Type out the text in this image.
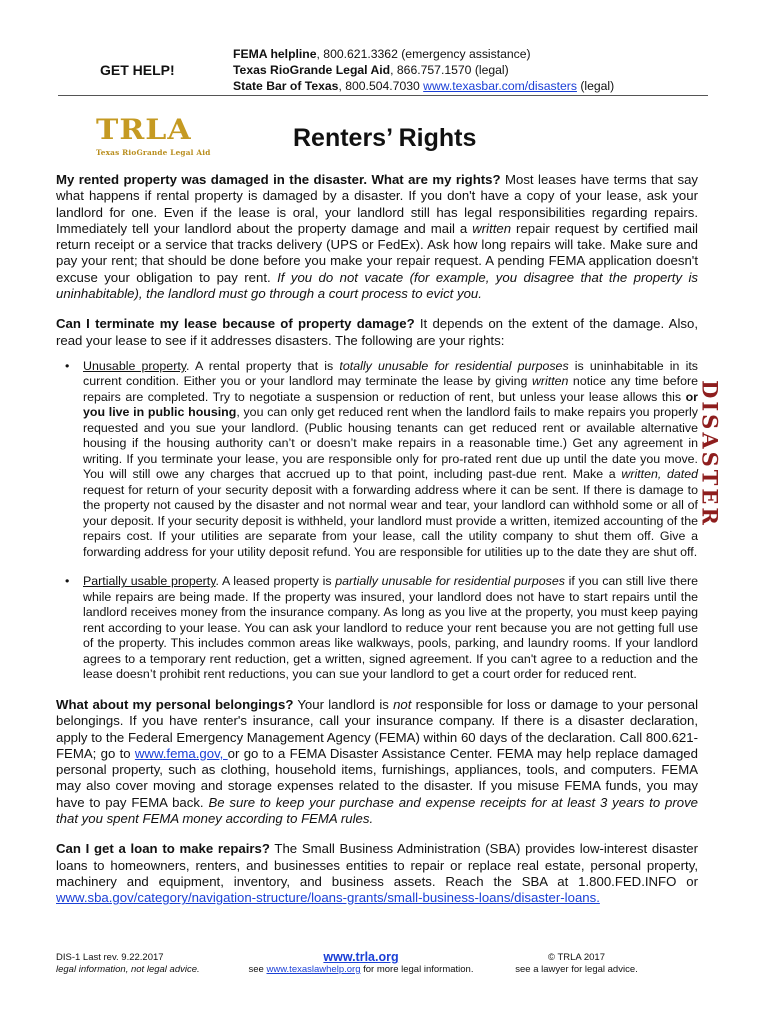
GET HELP!
FEMA helpline, 800.621.3362 (emergency assistance)
Texas RioGrande Legal Aid, 866.757.1570 (legal)
State Bar of Texas, 800.504.7030 www.texasbar.com/disasters (legal)
TRLA
Texas RioGrande Legal Aid
Renters’ Rights
DISASTER

My rented property was damaged in the disaster. What are my rights? Most leases have terms that say what happens if rental property is damaged by a disaster. If you don't have a copy of your lease, ask your landlord for one. Even if the lease is oral, your landlord still has legal responsibilities regarding repairs. Immediately tell your landlord about the property damage and mail a written repair request by certified mail return receipt or a service that tracks delivery (UPS or FedEx). Ask how long repairs will take. Make sure and pay your rent; that should be done before you make your repair request. A pending FEMA application doesn't excuse your obligation to pay rent. If you do not vacate (for example, you disagree that the property is uninhabitable), the landlord must go through a court process to evict you.

Can I terminate my lease because of property damage? It depends on the extent of the damage. Also, read your lease to see if it addresses disasters. The following are your rights:

• Unusable property. A rental property that is totally unusable for residential purposes is uninhabitable in its current condition. Either you or your landlord may terminate the lease by giving written notice any time before repairs are completed. Try to negotiate a suspension or reduction of rent, but unless your lease allows this or you live in public housing, you can only get reduced rent when the landlord fails to make repairs you properly requested and you sue your landlord. (Public housing tenants can get reduced rent or available alternative housing if the housing authority can’t or doesn’t make repairs in a reasonable time.) Get any agreement in writing. If you terminate your lease, you are responsible only for pro-rated rent due up until the date you move. You will still owe any charges that accrued up to that point, including past-due rent. Make a written, dated request for return of your security deposit with a forwarding address where it can be sent. If there is damage to the property not caused by the disaster and not normal wear and tear, your landlord can withhold some or all of your deposit. If your security deposit is withheld, your landlord must provide a written, itemized accounting of the repairs cost. If your utilities are separate from your lease, call the utility company to shut them off. Give a forwarding address for your utility deposit refund. You are responsible for utilities up to the date they are shut off.
• Partially usable property. A leased property is partially unusable for residential purposes if you can still live there while repairs are being made. If the property was insured, your landlord does not have to start repairs until the landlord receives money from the insurance company. As long as you live at the property, you must keep paying rent according to your lease. You can ask your landlord to reduce your rent because you are not getting full use of the property. This includes common areas like walkways, pools, parking, and laundry rooms. If your landlord agrees to a temporary rent reduction, get a written, signed agreement. If you can't agree to a reduction and the lease doesn’t prohibit rent reductions, you can sue your landlord to get a court order for reduced rent.

What about my personal belongings? Your landlord is not responsible for loss or damage to your personal belongings. If you have renter's insurance, call your insurance company. If there is a disaster declaration, apply to the Federal Emergency Management Agency (FEMA) within 60 days of the declaration. Call 800.621-FEMA; go to www.fema.gov, or go to a FEMA Disaster Assistance Center. FEMA may help replace damaged personal property, such as clothing, household items, furnishings, appliances, tools, and computers. FEMA may also cover moving and storage expenses related to the disaster. If you misuse FEMA funds, you may have to pay FEMA back. Be sure to keep your purchase and expense receipts for at least 3 years to prove that you spent FEMA money according to FEMA rules.

Can I get a loan to make repairs? The Small Business Administration (SBA) provides low-interest disaster loans to homeowners, renters, and businesses entities to repair or replace real estate, personal property, machinery and equipment, inventory, and business assets. Reach the SBA at 1.800.FED.INFO or www.sba.gov/category/navigation-structure/loans-grants/small-business-loans/disaster-loans.

DIS-1 Last rev. 9.22.2017
legal information, not legal advice.
www.trla.org
see www.texaslawhelp.org for more legal information.
© TRLA 2017
see a lawyer for legal advice.
